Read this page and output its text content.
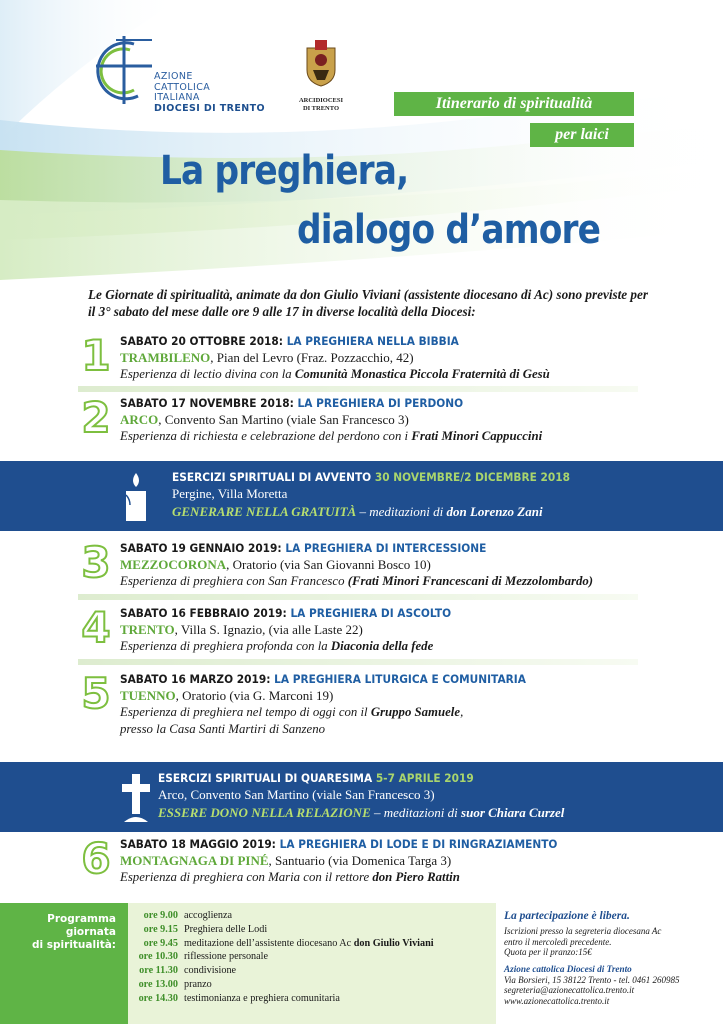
AZIONE
CATTOLICA
ITALIANA
DIOCESI DI TRENTO
ARCIDIOCESI
DI TRENTO	Itinerario di spiritualità
per laici
La preghiera,
dialogo d’amore
Le Giornate di spiritualità, animate da don Giulio Viviani (assistente diocesano di Ac) sono previste per il 3° sabato del mese dalle ore 9 alle 17 in diverse località della Diocesi:
1 SABATO 20 OTTOBRE 2018: LA PREGHIERA NELLA BIBBIA
TRAMBILENO, Pian del Levro (Fraz. Pozzacchio, 42)
Esperienza di lectio divina con la Comunità Monastica Piccola Fraternità di Gesù
2 SABATO 17 NOVEMBRE 2018: LA PREGHIERA DI PERDONO
ARCO, Convento San Martino (viale San Francesco 3)
Esperienza di richiesta e celebrazione del perdono con i Frati Minori Cappuccini
ESERCIZI SPIRITUALI DI AVVENTO 30 NOVEMBRE/2 DICEMBRE 2018
Pergine, Villa Moretta
GENERARE NELLA GRATUITÀ – meditazioni di don Lorenzo Zani
3 SABATO 19 GENNAIO 2019: LA PREGHIERA DI INTERCESSIONE
MEZZOCORONA, Oratorio (via San Giovanni Bosco 10)
Esperienza di preghiera con San Francesco (Frati Minori Francescani di Mezzolombardo)
4 SABATO 16 FEBBRAIO 2019: LA PREGHIERA DI ASCOLTO
TRENTO, Villa S. Ignazio, (via alle Laste 22)
Esperienza di preghiera profonda con la Diaconia della fede
5 SABATO 16 MARZO 2019: LA PREGHIERA LITURGICA E COMUNITARIA
TUENNO, Oratorio (via G. Marconi 19)
Esperienza di preghiera nel tempo di oggi con il Gruppo Samuele,
presso la Casa Santi Martiri di Sanzeno
ESERCIZI SPIRITUALI DI QUARESIMA 5-7 APRILE 2019
Arco, Convento San Martino (viale San Francesco 3)
ESSERE DONO NELLA RELAZIONE – meditazioni di suor Chiara Curzel
6 SABATO 18 MAGGIO 2019: LA PREGHIERA DI LODE E DI RINGRAZIAMENTO
MONTAGNAGA DI PINÉ, Santuario (via Domenica Targa 3)
Esperienza di preghiera con Maria con il rettore don Piero Rattin
Programma
giornata
di spiritualità:
ore 9.00 accoglienza
ore 9.15 Preghiera delle Lodi
ore 9.45 meditazione dell’assistente diocesano Ac don Giulio Viviani
ore 10.30 riflessione personale
ore 11.30 condivisione
ore 13.00 pranzo
ore 14.30 testimonianza e preghiera comunitaria
La partecipazione è libera.
Iscrizioni presso la segreteria diocesana Ac
entro il mercoledì precedente.
Quota per il pranzo:15€
Azione cattolica Diocesi di Trento
Via Borsieri, 15 38122 Trento - tel. 0461 260985
segreteria@azionecattolica.trento.it
www.azionecattolica.trento.it
